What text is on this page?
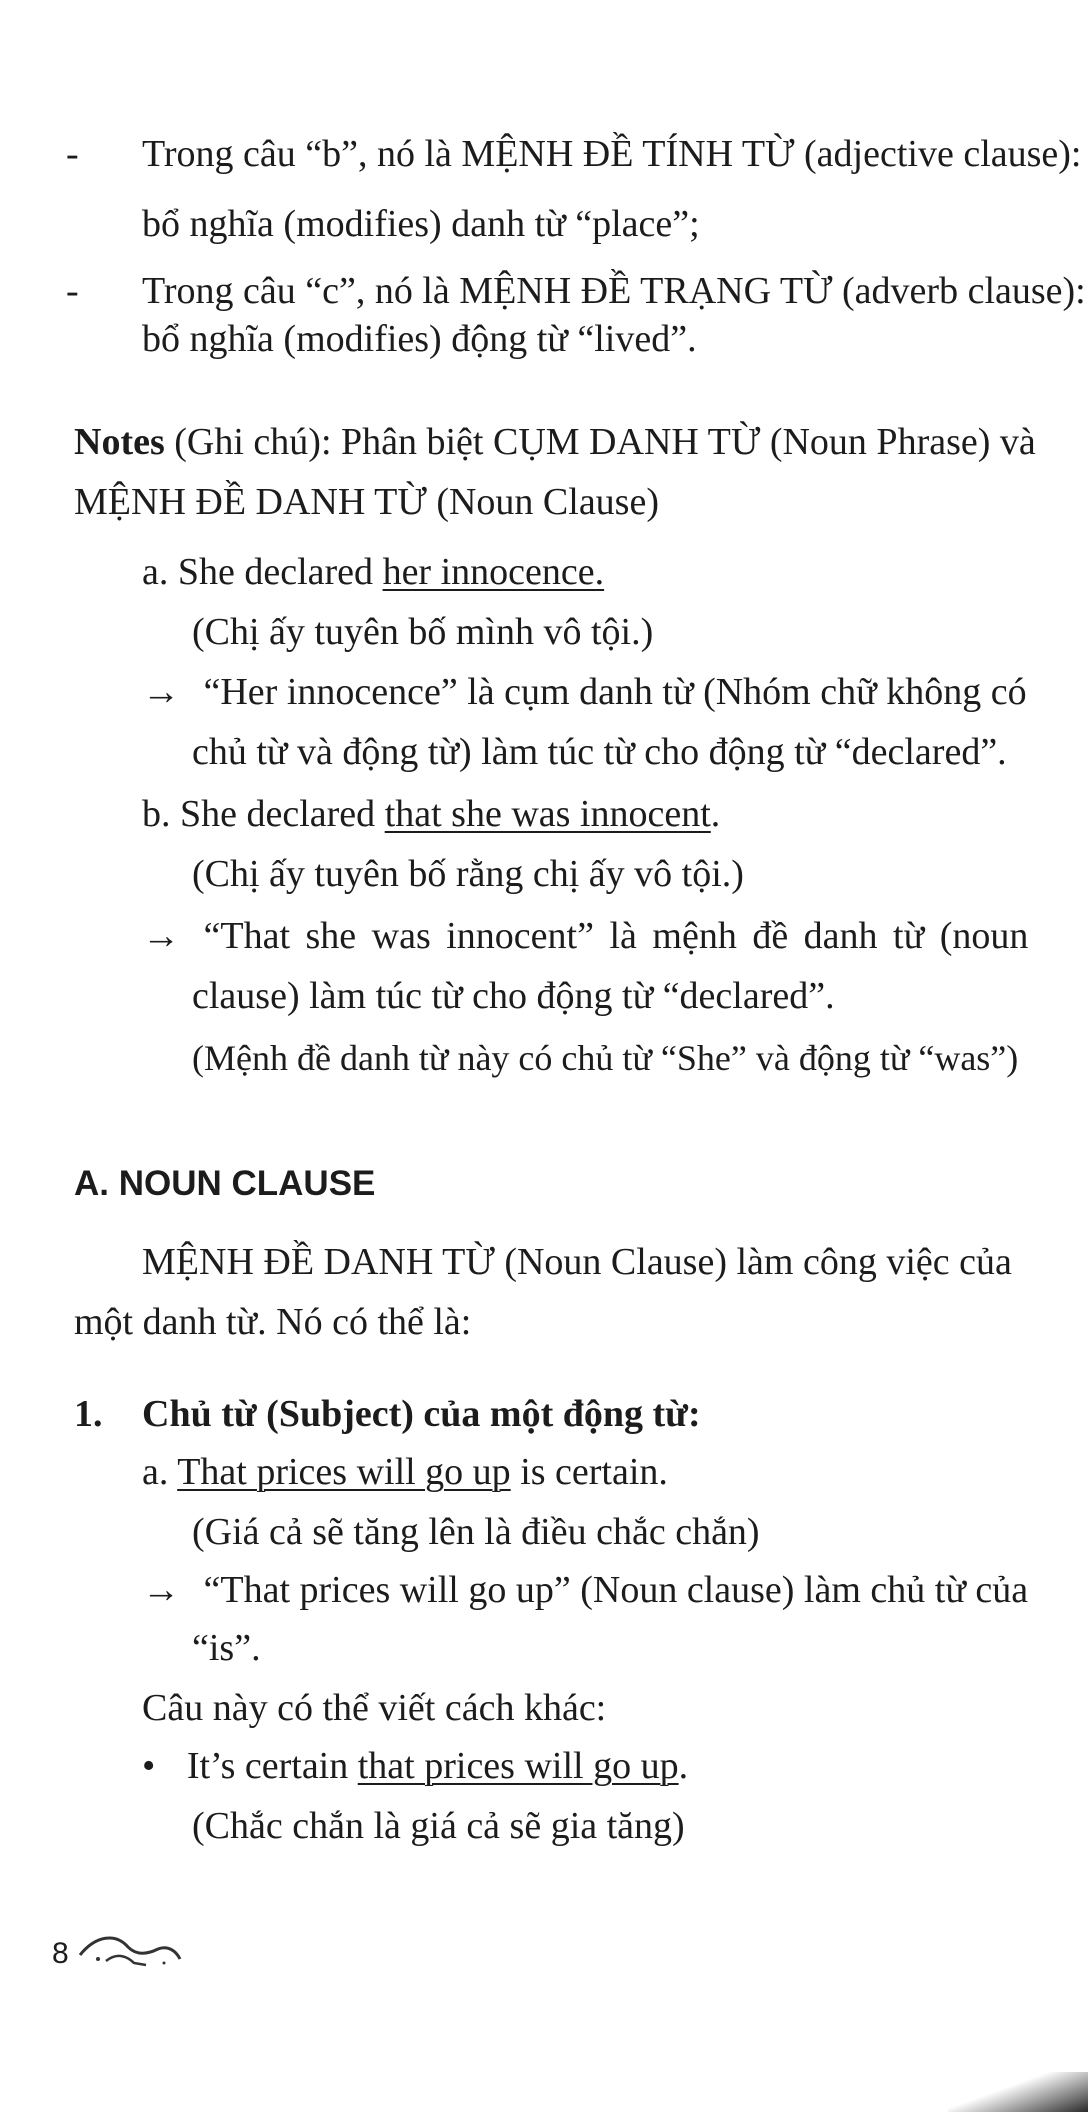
- Trong câu “b”, nó là MỆNH ĐỀ TÍNH TỪ (adjective clause):
bổ nghĩa (modifies) danh từ “place”;
- Trong câu “c”, nó là MỆNH ĐỀ TRẠNG TỪ (adverb clause):
bổ nghĩa (modifies) động từ “lived”.
Notes (Ghi chú): Phân biệt CỤM DANH TỪ (Noun Phrase) và
MỆNH ĐỀ DANH TỪ (Noun Clause)
a. She declared her innocence.
(Chị ấy tuyên bố mình vô tội.)
→ “Her innocence” là cụm danh từ (Nhóm chữ không có
chủ từ và động từ) làm túc từ cho động từ “declared”.
b. She declared that she was innocent.
(Chị ấy tuyên bố rằng chị ấy vô tội.)
→ “That she was innocent” là mệnh đề danh từ (noun
clause) làm túc từ cho động từ “declared”.
(Mệnh đề danh từ này có chủ từ “She” và động từ “was”)
A. NOUN CLAUSE
MỆNH ĐỀ DANH TỪ (Noun Clause) làm công việc của
một danh từ. Nó có thể là:
1. Chủ từ (Subject) của một động từ:
a. That prices will go up is certain.
(Giá cả sẽ tăng lên là điều chắc chắn)
→ “That prices will go up” (Noun clause) làm chủ từ của
“is”.
Câu này có thể viết cách khác:
• It’s certain that prices will go up.
(Chắc chắn là giá cả sẽ gia tăng)
8
